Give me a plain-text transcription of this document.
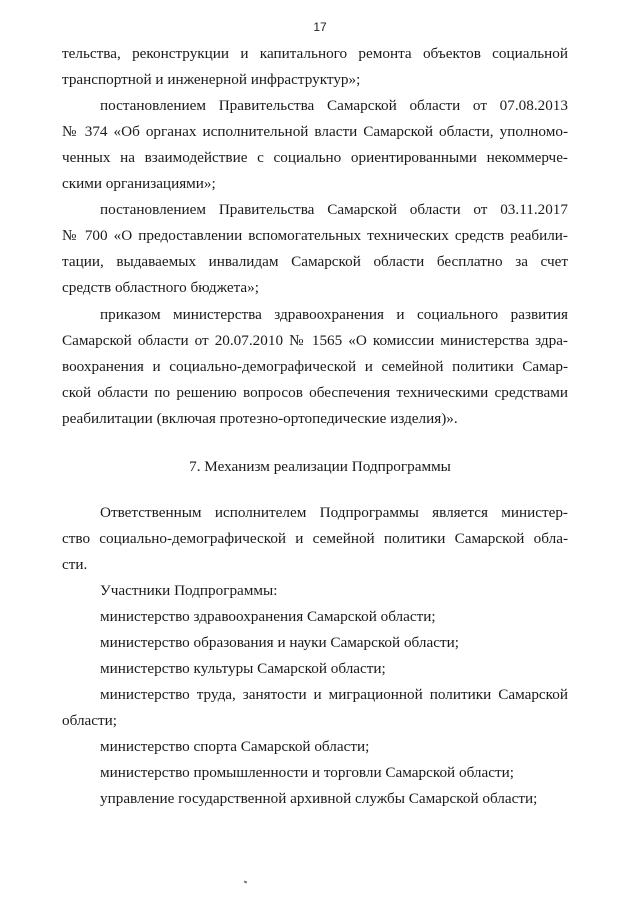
17
тельства, реконструкции и капитального ремонта объектов социальной
транспортной и инженерной инфраструктур»;
постановлением Правительства Самарской области от 07.08.2013
№ 374 «Об органах исполнительной власти Самарской области, уполномо-
ченных на взаимодействие с социально ориентированными некоммерче-
скими организациями»;
постановлением Правительства Самарской области от 03.11.2017
№ 700 «О предоставлении вспомогательных технических средств реабили-
тации, выдаваемых инвалидам Самарской области бесплатно за счет
средств областного бюджета»;
приказом министерства здравоохранения и социального развития
Самарской области от 20.07.2010 № 1565 «О комиссии министерства здра-
воохранения и социально-демографической и семейной политики Самар-
ской области по решению вопросов обеспечения техническими средствами
реабилитации (включая протезно-ортопедические изделия)».
7. Механизм реализации Подпрограммы
Ответственным исполнителем Подпрограммы является министер-
ство социально-демографической и семейной политики Самарской обла-
сти.
Участники Подпрограммы:
министерство здравоохранения Самарской области;
министерство образования и науки Самарской области;
министерство культуры Самарской области;
министерство труда, занятости и миграционной политики Самарской
области;
министерство спорта Самарской области;
министерство промышленности и торговли Самарской области;
управление государственной архивной службы Самарской области;
